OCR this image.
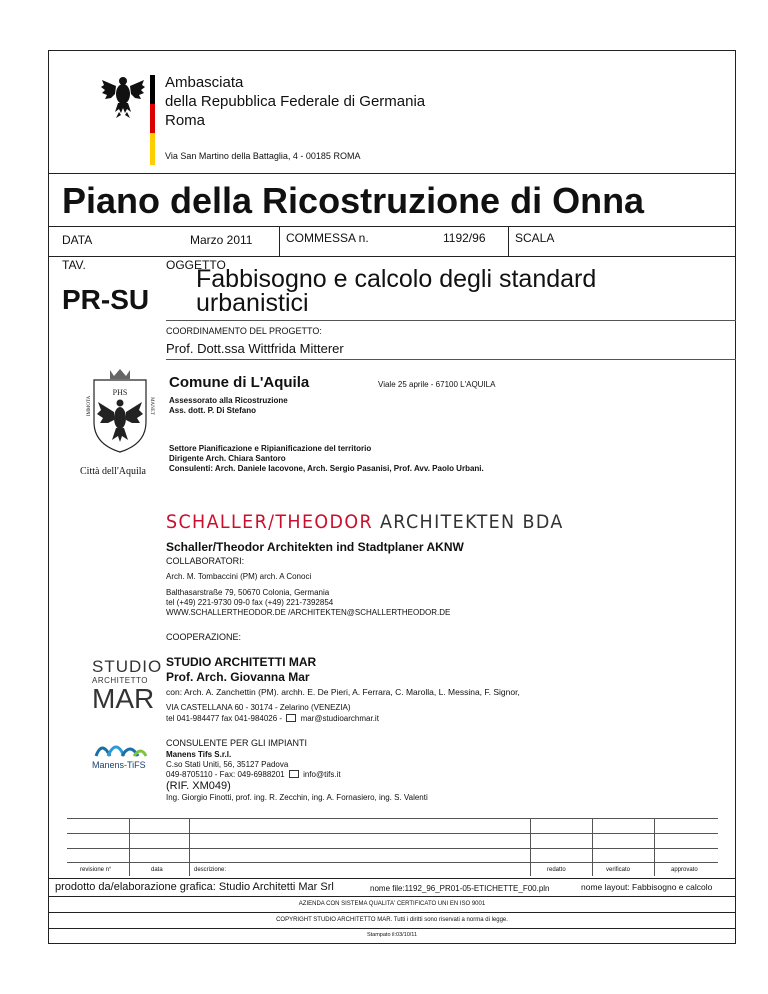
Ambasciata
della Repubblica Federale di Germania
Roma
Via San Martino della Battaglia, 4 - 00185 ROMA
Piano della Ricostruzione di Onna
DATA	Marzo 2011	COMMESSA n.	1192/96 SCALA
TAV.
PR-SU
OGGETTO
Fabbisogno e calcolo degli standard
urbanistici
COORDINAMENTO DEL PROGETTO:
Prof. Dott.ssa Wittfrida Mitterer
PHS
IMMOTA	MANET
Città dell'Aquila
Comune di L'Aquila	Viale 25 aprile - 67100 L'AQUILA
Assessorato alla Ricostruzione
Ass. dott. P. Di Stefano
Settore Pianificazione e Ripianificazione del territorio
Dirigente Arch. Chiara Santoro
Consulenti: Arch. Daniele Iacovone, Arch. Sergio Pasanisi, Prof. Avv. Paolo Urbani.
SCHALLER/THEODOR ARCHITEKTEN BDA
Schaller/Theodor Architekten ind Stadtplaner AKNW
COLLABORATORI:
Arch. M. Tombaccini (PM) arch. A Conoci
Balthasarstraße 79, 50670 Colonia, Germania
tel (+49) 221-9730 09-0 fax (+49) 221-7392854
WWW.SCHALLERTHEODOR.DE /ARCHITEKTEN@SCHALLERTHEODOR.DE
COOPERAZIONE:
STUDIO
ARCHITETTO
MAR
STUDIO ARCHITETTI MAR
Prof. Arch. Giovanna Mar
con: Arch. A. Zanchettin (PM). archh. E. De Pieri, A. Ferrara, C. Marolla, L. Messina, F. Signor,
VIA CASTELLANA 60 - 30174 - Zelarino (VENEZIA)
tel 041-984477 fax 041-984026 - mar@studioarchmar.it
Manens-TiFS
CONSULENTE PER GLI IMPIANTI
Manens Tifs S.r.l.
C.so Stati Uniti, 56, 35127 Padova
049-8705110 - Fax: 049-6988201 info@tifs.it
(RIF. XM049)
Ing. Giorgio Finotti, prof. ing. R. Zecchin, ing. A. Fornasiero, ing. S. Valenti
revisione n°	data	descrizione:	redatto	verificato	approvato
prodotto da/elaborazione grafica: Studio Architetti Mar Srl	nome file:1192_96_PR01-05-ETICHETTE_F00.pln	nome layout: Fabbisogno e calcolo
AZIENDA CON SISTEMA QUALITA' CERTIFICATO UNI EN ISO 9001
COPYRIGHT STUDIO ARCHITETTO MAR. Tutti i diritti sono riservati a norma di legge.
Stampato il:03/10/11
